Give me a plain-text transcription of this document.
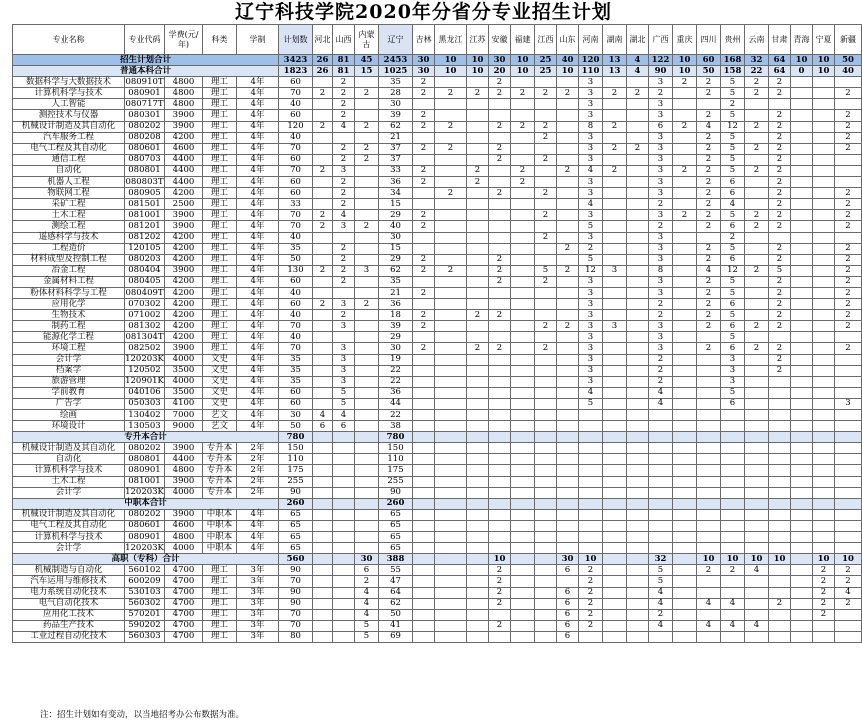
辽宁科技学院2020年分省分专业招生计划
专业名称	专业代码	学费(元/年)	科类	学制	计划数	河北	山西	内蒙古	辽宁	吉林	黑龙江	江苏	安徽	福建	江西	山东	河南	湖南	湖北	广西	重庆	四川	贵州	云南	甘肃	青海	宁夏	新疆
招生计划合计					3423	26	81	45	2453	30	10	10	30	10	25	40	120	13	4	122	10	60	168	32	64	10	10	50
普通本科合计					1823	26	81	15	1025	30	10	10	20	10	25	10	110	13	4	90	10	50	158	22	64	0	10	40
数据科学与大数据技术	080910T	4800	理工	4年	60		2		35	2			2				3			3	2	2	5	2	2			
计算机科学与技术	080901	4800	理工	4年	70	2	2	2	28	2	2	2	2	2	2	2	3	2	2	2		2	5	2	2			2
人工智能	080717T	4800	理工	4年	40		2		30								3			3			2					
测控技术与仪器	080301	3900	理工	4年	60		2		39	2							3			3		2	5		2			2
机械设计制造及其自动化	080202	3900	理工	4年	120	2	4	2	62	2	2		2	2	2		8	2		6	2	4	12	2	2			2
汽车服务工程	080208	4200	理工	4年	40				21						2		3			3		2	5		2			2
电气工程及其自动化	080601	4600	理工	4年	70		2	2	37	2	2		2				3	2	2	3		2	5	2	2			2
通信工程	080703	4400	理工	4年	60		2	2	37				2		2		3			3		2	5		2			
自动化	080801	4400	理工	4年	70	2	3		33	2		2		2		2	4	2		3	2	2	5	2	2			
机器人工程	080803T	4400	理工	4年	60		2		36	2		2		2			3			3		2	6		2			
物联网工程	080905	4200	理工	4年	60		2		34		2		2		2		3			3		2	6		2			2
采矿工程	081501	2500	理工	4年	33		2		15								4			2		2	4		2			2
土木工程	081001	3900	理工	4年	70	2	4		29	2					2		3			3	2	2	5	2	2			2
测绘工程	081201	3900	理工	4年	70	2	3	2	40	2							5			2		2	6	2	2			2
遥感科学与技术	081202	4200	理工	4年	40				30						2		3			3			2					
工程造价	120105	4200	理工	4年	35		2		15							2	2			3		2	5		2			2
材料成型及控制工程	080203	4200	理工	4年	50		2		29	2			2				5			3		2	6		2			2
冶金工程	080404	3900	理工	4年	130	2	2	3	62	2	2		2		5	2	12	3		8		4	12	2	5			2
金属材料工程	080405	4200	理工	4年	60		2		35				2		2		3			3		2	5		2			2
粉体材料科学与工程	080409T	4200	理工	4年	40				21	2							3			3		2	5		2			2
应用化学	070302	4200	理工	4年	60	2	3	2	36								3			2		2	6		2			2
生物技术	071002	4200	理工	4年	40		2		18	2		2	2				3			2		2	5		2			2
制药工程	081302	4200	理工	4年	70		3		39	2					2	2	3	3		3		2	6	2	2			2
能源化学工程	081304T	4200	理工	4年	40				29								3			3			5					
环境工程	082502	3900	理工	4年	70		3		30	2		2	2		2		3			3		2	6	2	2			2
会计学	120203K	4000	文史	4年	35		3		19								3			2			3		2			
档案学	120502	3500	文史	4年	35		3		22								3			2			3		2			
旅游管理	120901K	4000	文史	4年	35		3		22								3			2			3					
学前教育	040106	3500	文史	4年	60		5		36								4			4			5					
广告学	050303	4100	文史	4年	60		5		44								5			4			6					3
绘画	130402	7000	艺文	4年	30	4	4		22																			
环境设计	130503	9000	艺文	4年	50	6	6		38																			
专升本合计					780				780																			
机械设计制造及其自动化	080202	3900	专升本	2年	150				150																			
自动化	080801	4400	专升本	2年	110				110																			
计算机科学与技术	080901	4800	专升本	2年	175				175																			
土木工程	081001	3900	专升本	2年	255				255																			
会计学	120203K	4000	专升本	2年	90				90																			
中职本合计					260				260																			
机械设计制造及其自动化	080202	3900	中职本	4年	65				65																			
电气工程及其自动化	080601	4600	中职本	4年	65				65																			
计算机科学与技术	080901	4800	中职本	4年	65				65																			
会计学	120203K	4000	中职本	4年	65				65																			
高职（专科）合计					560			30	388				10			30	10			32		10	10	10	10		10	10
机械制造与自动化	560102	4700	理工	3年	90			6	55				2			6	2			5		2	2	4			2	2
汽车运用与维修技术	600209	4700	理工	3年	70			2	47				2				2			5							2	2
电力系统自动化技术	530103	4700	理工	3年	90			4	64				2			6	2			4							2	4
电气自动化技术	560302	4700	理工	3年	90			4	62				2			6	2			4		4	4		2		2	2
应用化工技术	570201	4700	理工	3年	70			4	50							6	2			2							2	
药品生产技术	590202	4700	理工	3年	70			5	41				2			6	2			4		4	4	4				
工业过程自动化技术	560303	4700	理工	3年	80			5	69							6												
注：招生计划如有变动，以当地招考办公布数据为准。
